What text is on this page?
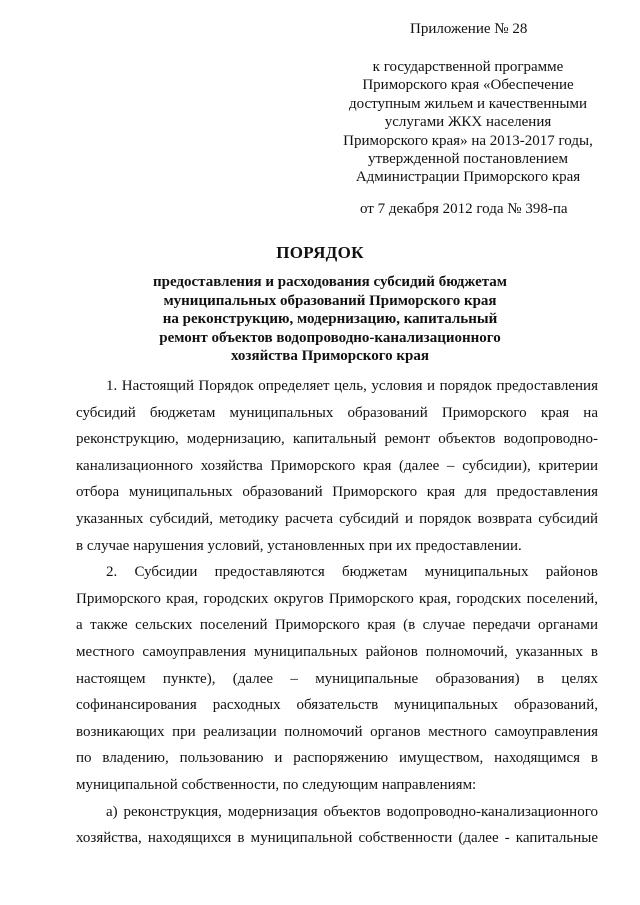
Приложение № 28
к государственной программе
Приморского края «Обеспечение
доступным жильем и качественными
услугами ЖКХ населения
Приморского края» на 2013-2017 годы,
утвержденной постановлением
Администрации Приморского края
от 7 декабря 2012 года № 398-па
ПОРЯДОК
предоставления и расходования субсидий бюджетам
муниципальных образований Приморского края
на реконструкцию, модернизацию, капитальный
ремонт объектов водопроводно-канализационного
хозяйства Приморского края
1. Настоящий Порядок определяет цель, условия и порядок предоставления
субсидий бюджетам муниципальных образований Приморского края на
реконструкцию, модернизацию, капитальный ремонт объектов водопроводно-
канализационного хозяйства Приморского края (далее – субсидии), критерии
отбора муниципальных образований Приморского края для предоставления
указанных субсидий, методику расчета субсидий и порядок возврата субсидий
в случае нарушения условий, установленных при их предоставлении.
2. Субсидии предоставляются бюджетам муниципальных районов
Приморского края, городских округов Приморского края, городских поселений,
а также сельских поселений Приморского края (в случае передачи органами
местного самоуправления муниципальных районов полномочий, указанных в
настоящем пункте), (далее – муниципальные образования) в целях
софинансирования расходных обязательств муниципальных образований,
возникающих при реализации полномочий органов местного самоуправления
по владению, пользованию и распоряжению имуществом, находящимся в
муниципальной собственности, по следующим направлениям:
а) реконструкция, модернизация объектов водопроводно-канализационного
хозяйства, находящихся в муниципальной собственности (далее - капитальные
